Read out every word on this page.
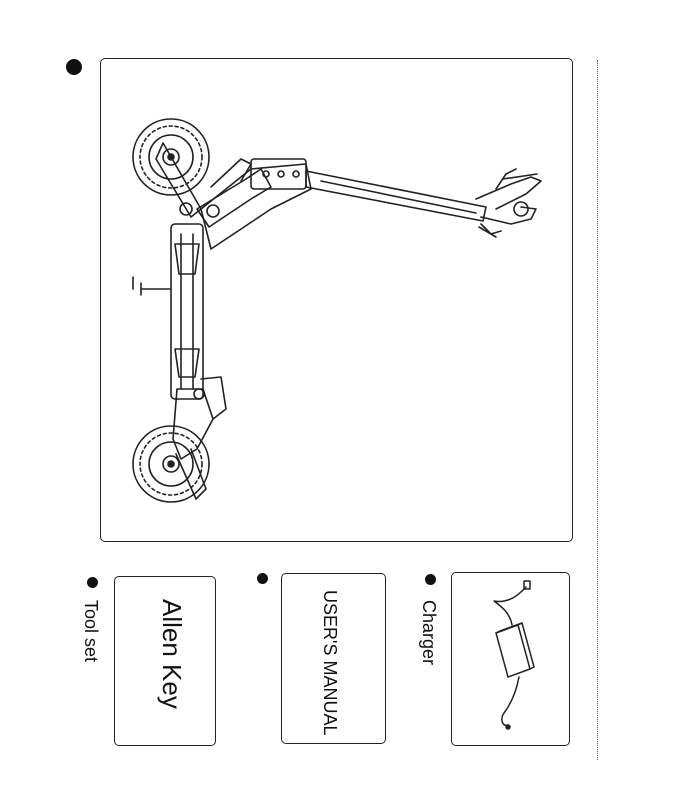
Tool set Allen Key	USER'S MANUAL	Charger
